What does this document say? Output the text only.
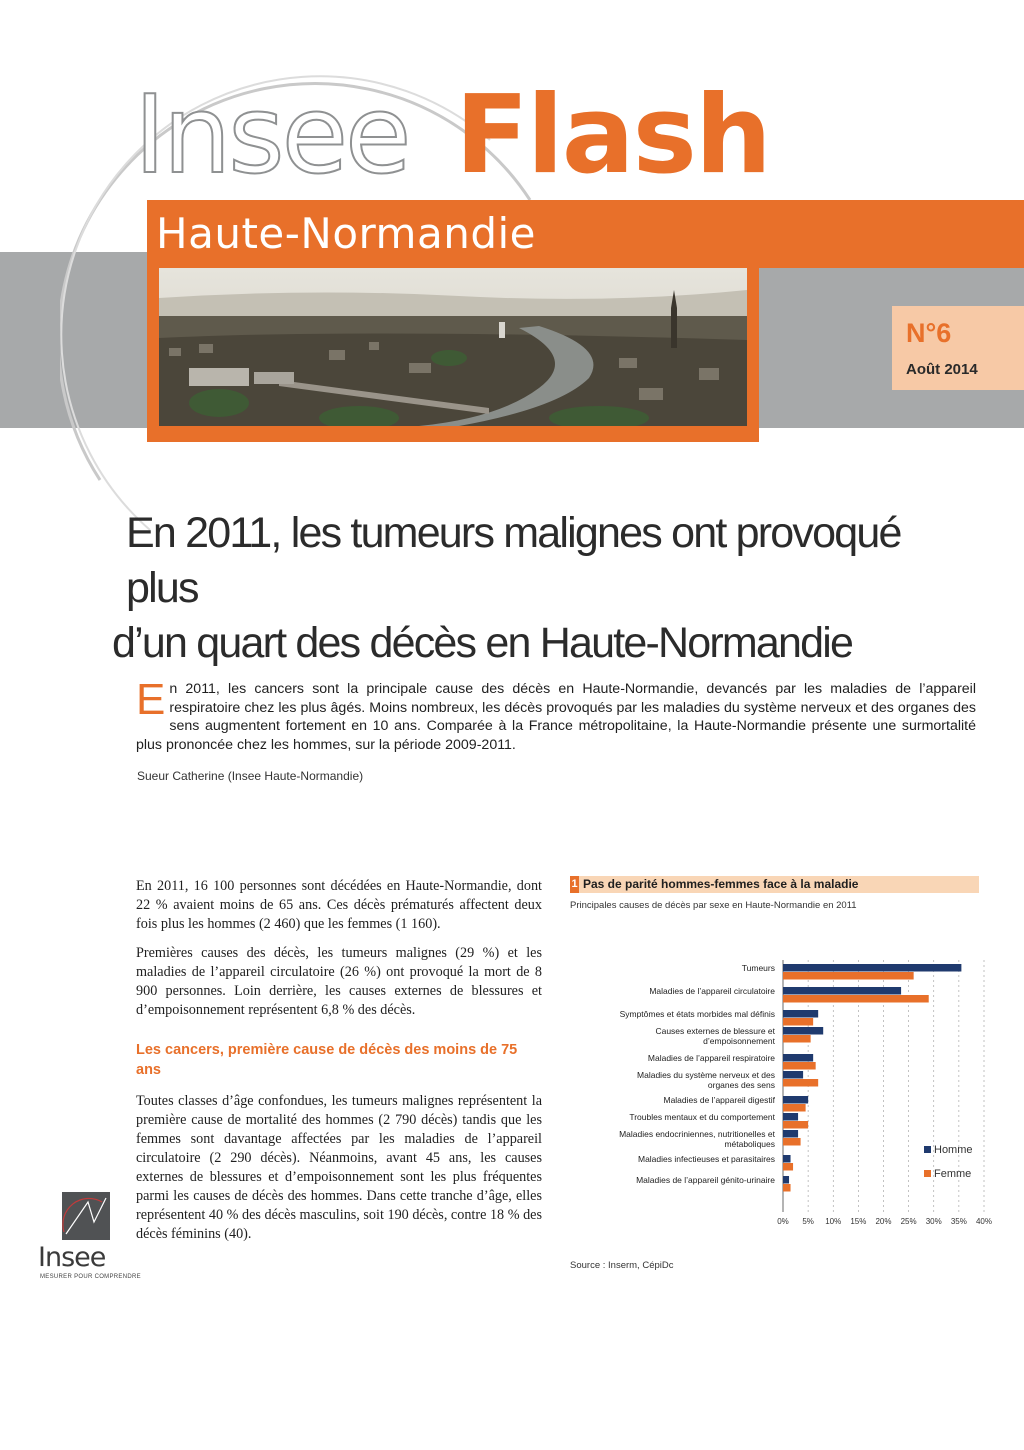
Insee Flash
Haute-Normandie
N°6
Août 2014
En 2011, les tumeurs malignes ont provoqué plus
d’un quart des décès en Haute-Normandie
En 2011, les cancers sont la principale cause des décès en Haute-Normandie, devancés par les maladies de l’appareil respiratoire chez les plus âgés. Moins nombreux, les décès provoqués par les maladies du système nerveux et des organes des sens augmentent fortement en 10 ans. Comparée à la France métropolitaine, la Haute-Normandie présente une surmortalité plus prononcée chez les hommes, sur la période 2009-2011.
Sueur Catherine (Insee Haute-Normandie)

En 2011, 16 100 personnes sont décédées en Haute-Normandie, dont 22 % avaient moins de 65 ans. Ces décès prématurés affectent deux fois plus les hommes (2 460) que les femmes (1 160).

Premières causes des décès, les tumeurs malignes (29 %) et les maladies de l’appareil circulatoire (26 %) ont provoqué la mort de 8 900 personnes. Loin derrière, les causes externes de blessures et d’empoisonnement représentent 6,8 % des décès.

Les cancers, première cause de décès des moins de 75 ans

Toutes classes d’âge confondues, les tumeurs malignes représentent la première cause de mortalité des hommes (2 790 décès) tandis que les femmes sont davantage affectées par les maladies de l’appareil circulatoire (2 290 décès). Néanmoins, avant 45 ans, les causes externes de blessures et d’empoisonnement sont les plus fréquentes parmi les causes de décès des hommes. Dans cette tranche d’âge, elles représentent 40 % des décès masculins, soit 190 décès, contre 18 % des décès féminins (40).

Insee
MESURER POUR COMPRENDRE
1 Pas de parité hommes-femmes face à la maladie
Principales causes de décès par sexe en Haute-Normandie en 2011
0% 5% 10% 15% 20% 25% 30% 35% 40%
Tumeurs
Maladies de l’appareil circulatoire
Symptômes et états morbides mal définis
Causes externes de blessure et
d’empoisonnement
Maladies de l’appareil respiratoire
Maladies du système nerveux et des
organes des sens
Maladies de l’appareil digestif
Troubles mentaux et du comportement
Maladies endocriniennes, nutritionelles et
métaboliques
Maladies infectieuses et parasitaires
Maladies de l’appareil génito-urinaire
Homme
Femme
Source : Inserm, CépiDc
